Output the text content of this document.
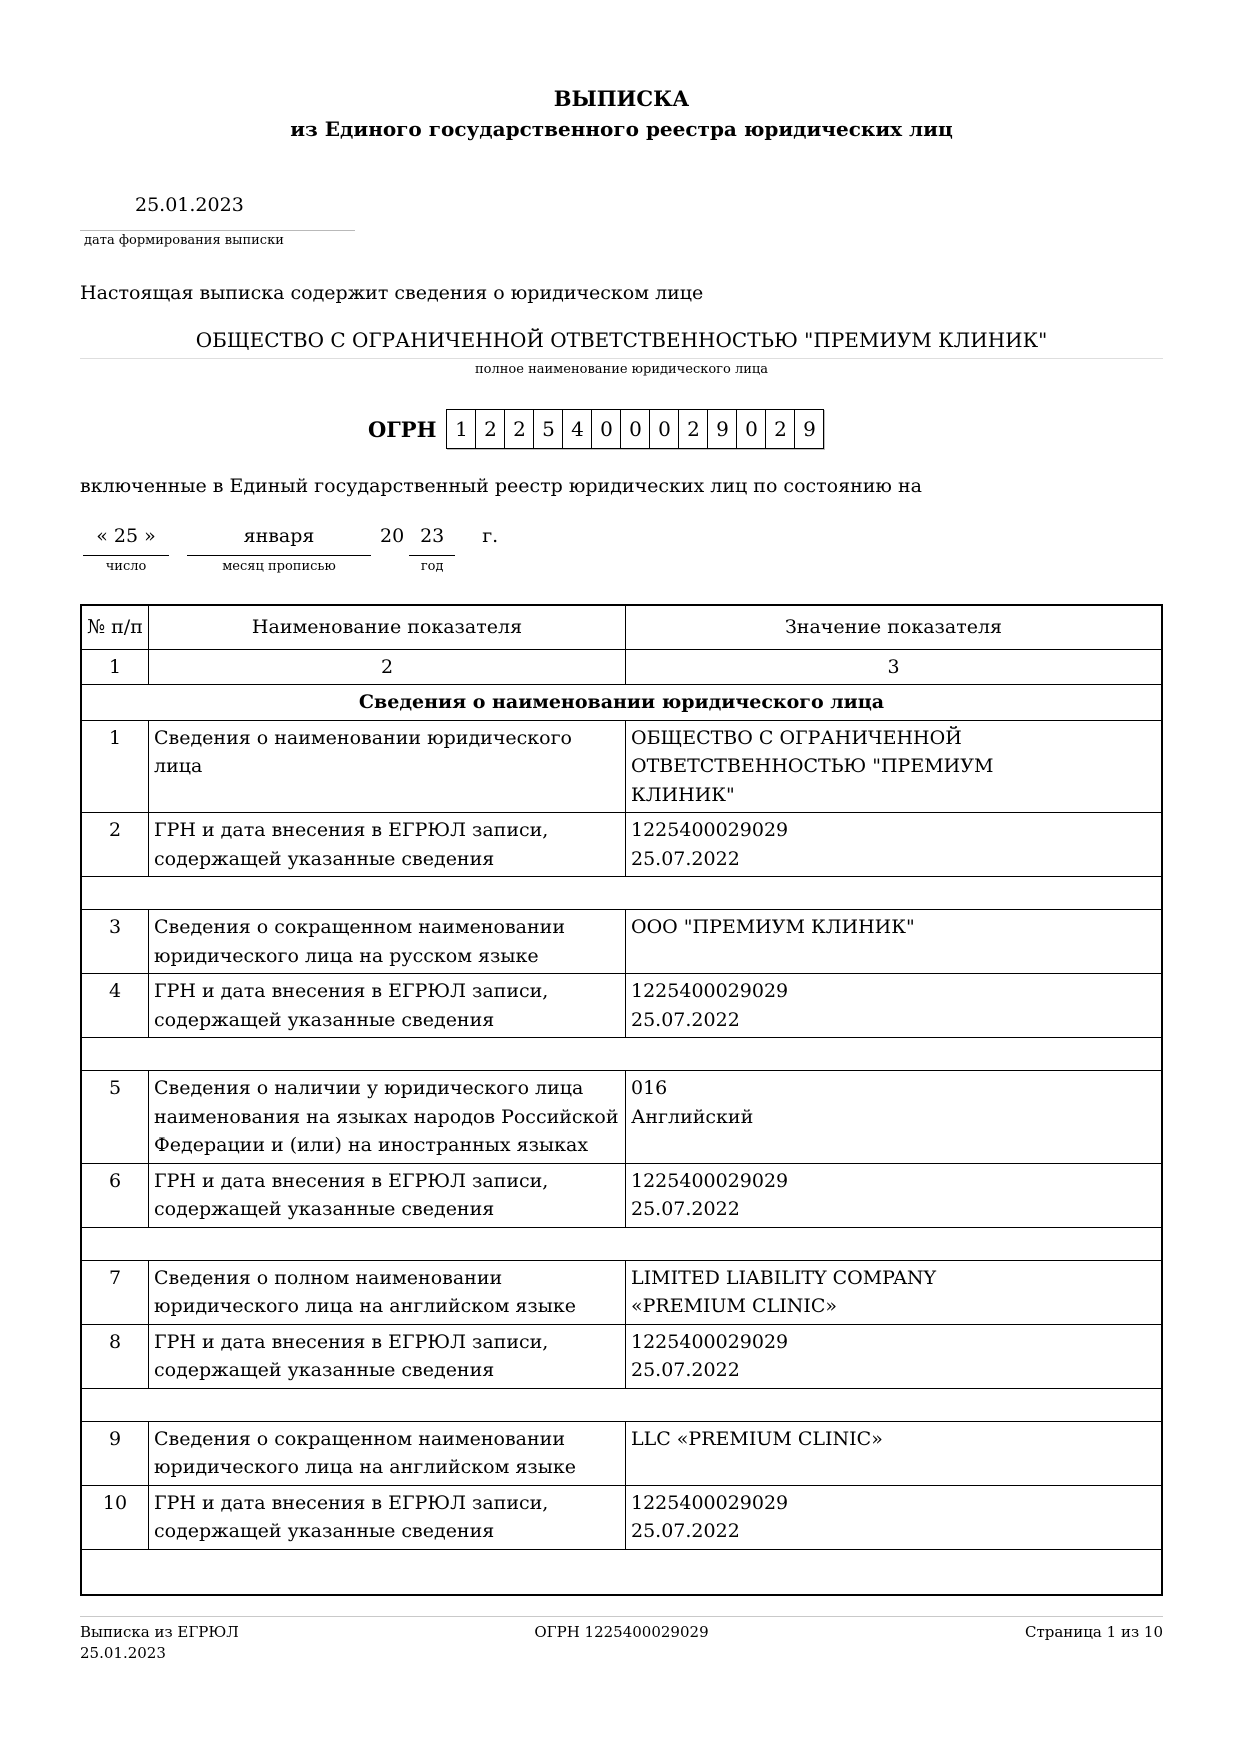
ВЫПИСКА
из Единого государственного реестра юридических лиц
25.01.2023
дата формирования выписки
Настоящая выписка содержит сведения о юридическом лице
ОБЩЕСТВО С ОГРАНИЧЕННОЙ ОТВЕТСТВЕННОСТЬЮ "ПРЕМИУМ КЛИНИК"
полное наименование юридического лица
ОГРН 1 2 2 5 4 0 0 0 2 9 0 2 9
включенные в Единый государственный реестр юридических лиц по состоянию на
« 25 »
число

января
месяц прописью

20
23
год

г.
№ п/п	Наименование показателя	Значение показателя
1	2	3
Сведения о наименовании юридического лица		
1	Сведения о наименовании юридического лица	ОБЩЕСТВО С ОГРАНИЧЕННОЙ
ОТВЕТСТВЕННОСТЬЮ "ПРЕМИУМ
КЛИНИК"

2	ГРН и дата внесения в ЕГРЮЛ записи, содержащей указанные сведения	1225400029029
25.07.2022

3	Сведения о сокращенном наименовании юридического лица на русском языке	ООО "ПРЕМИУМ КЛИНИК"

4	ГРН и дата внесения в ЕГРЮЛ записи, содержащей указанные сведения	1225400029029
25.07.2022

5	Сведения о наличии у юридического лица наименования на языках народов Российской Федерации и (или) на иностранных языках	016
Английский

6	ГРН и дата внесения в ЕГРЮЛ записи, содержащей указанные сведения	1225400029029
25.07.2022

7	Сведения о полном наименовании юридического лица на английском языке	LIMITED LIABILITY COMPANY
«PREMIUM CLINIC»

8	ГРН и дата внесения в ЕГРЮЛ записи, содержащей указанные сведения	1225400029029
25.07.2022

9	Сведения о сокращенном наименовании юридического лица на английском языке	LLC «PREMIUM CLINIC»

10	ГРН и дата внесения в ЕГРЮЛ записи, содержащей указанные сведения	1225400029029
25.07.2022

Выписка из ЕГРЮЛ
25.01.2023
ОГРН 1225400029029	Страница 1 из 10
